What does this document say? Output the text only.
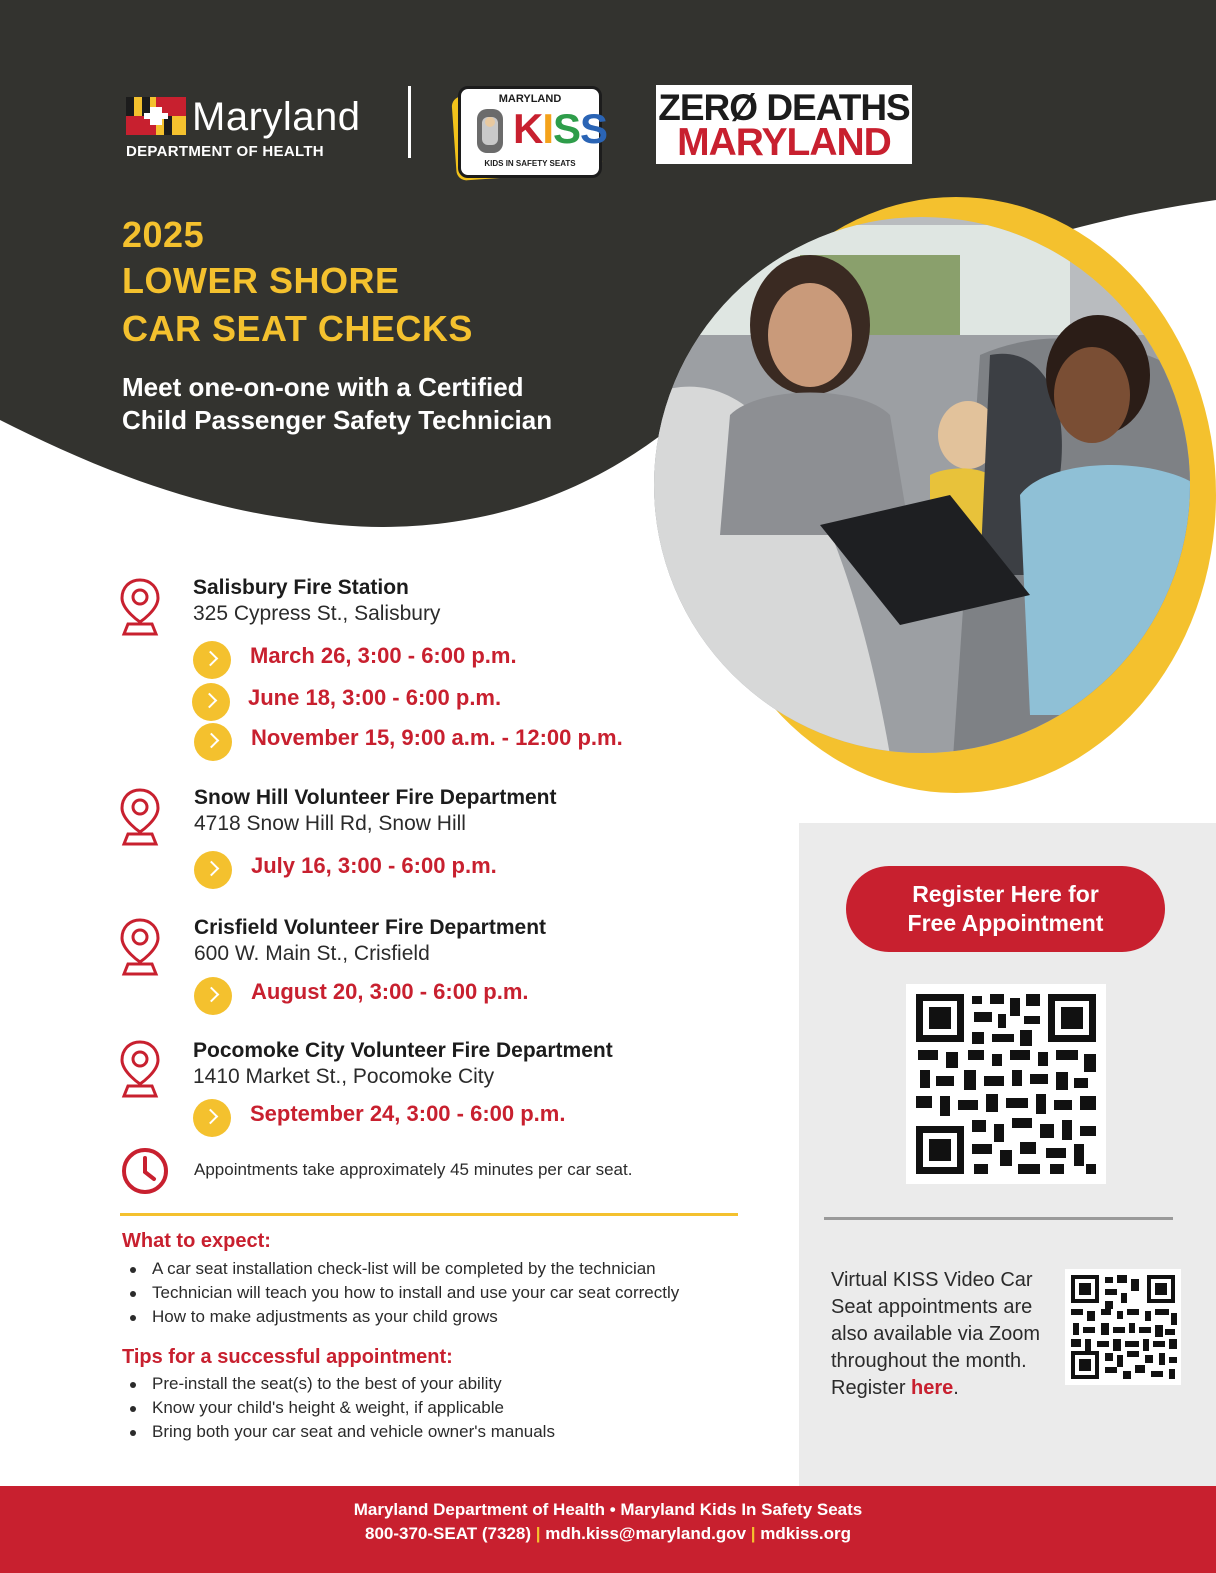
Maryland
DEPARTMENT OF HEALTH
MARYLAND
KISS
KIDS IN SAFETY SEATS
ZERØ DEATHS
MARYLAND
2025
LOWER SHORE
CAR SEAT CHECKS
Meet one-on-one with a Certified
Child Passenger Safety Technician
Salisbury Fire Station
325 Cypress St., Salisbury
March 26, 3:00 - 6:00 p.m.
June 18, 3:00 - 6:00 p.m.
November 15, 9:00 a.m. - 12:00 p.m.
Snow Hill Volunteer Fire Department
4718 Snow Hill Rd, Snow Hill
July 16, 3:00 - 6:00 p.m.
Crisfield Volunteer Fire Department
600 W. Main St., Crisfield
August 20, 3:00 - 6:00 p.m.
Pocomoke City Volunteer Fire Department
1410 Market St., Pocomoke City
September 24, 3:00 - 6:00 p.m.
Appointments take approximately 45 minutes per car seat.
What to expect:
A car seat installation check-list will be completed by the technician
Technician will teach you how to install and use your car seat correctly
How to make adjustments as your child grows
Tips for a successful appointment:
Pre-install the seat(s) to the best of your ability
Know your child's height & weight, if applicable
Bring both your car seat and vehicle owner's manuals
Register Here for
Free Appointment
Virtual KISS Video Car Seat appointments are also available via Zoom throughout the month. Register here.
Maryland Department of Health • Maryland Kids In Safety Seats
800-370-SEAT (7328) | mdh.kiss@maryland.gov | mdkiss.org
